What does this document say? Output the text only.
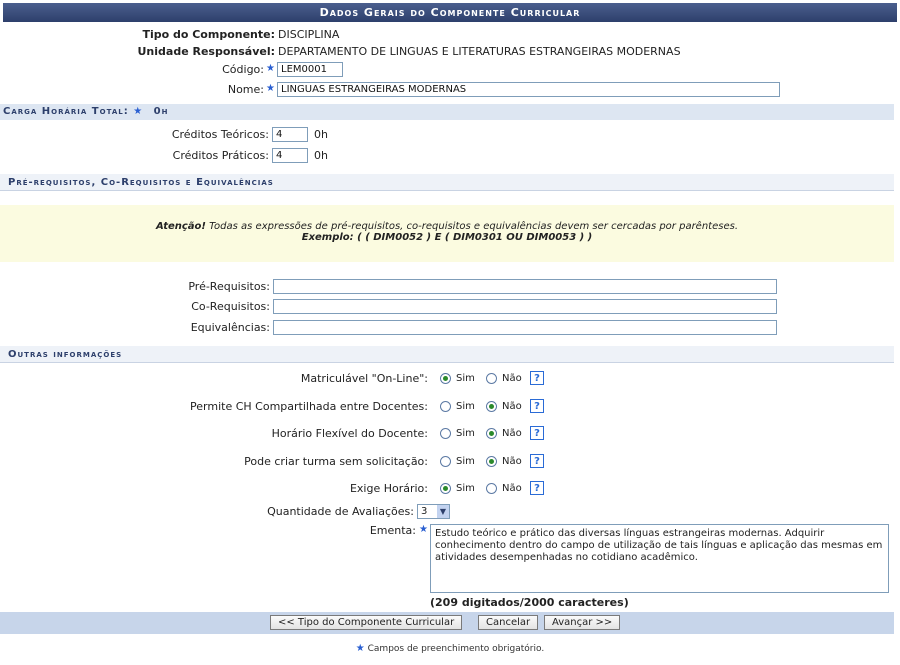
Dados Gerais do Componente Curricular
Tipo do Componente: DISCIPLINA
Unidade Responsável: DEPARTAMENTO DE LINGUAS E LITERATURAS ESTRANGEIRAS MODERNAS
Código: ★
LEM0001
Nome: ★
LINGUAS ESTRANGEIRAS MODERNAS
Carga Horária Total: ★ 0h
Créditos Teóricos:
4	0h
Créditos Práticos:
4	0h
Pré-requisitos, Co-Requisitos e Equivalências
Atenção! Todas as expressões de pré-requisitos, co-requisitos e equivalências devem ser cercadas por parênteses.
Exemplo: ( ( DIM0052 ) E ( DIM0301 OU DIM0053 ) )
Pré-Requisitos:
Co-Requisitos:
Equivalências:
Outras informações
Matriculável "On-Line":	Sim	Não	?
Permite CH Compartilhada entre Docentes:	Sim	Não	?
Horário Flexível do Docente:	Sim	Não	?
Pode criar turma sem solicitação:	Sim	Não	?
Exige Horário:	Sim	Não	?
Quantidade de Avaliações: 3	▼
Ementa: ★ Estudo teórico e prático das diversas línguas estrangeiras modernas. Adquirir conhecimento dentro do campo de utilização de tais línguas e aplicação das mesmas em atividades desempenhadas no cotidiano acadêmico.
(209 digitados/2000 caracteres)
<< Tipo do Componente Curricular	Cancelar	Avançar >>
★ Campos de preenchimento obrigatório.
